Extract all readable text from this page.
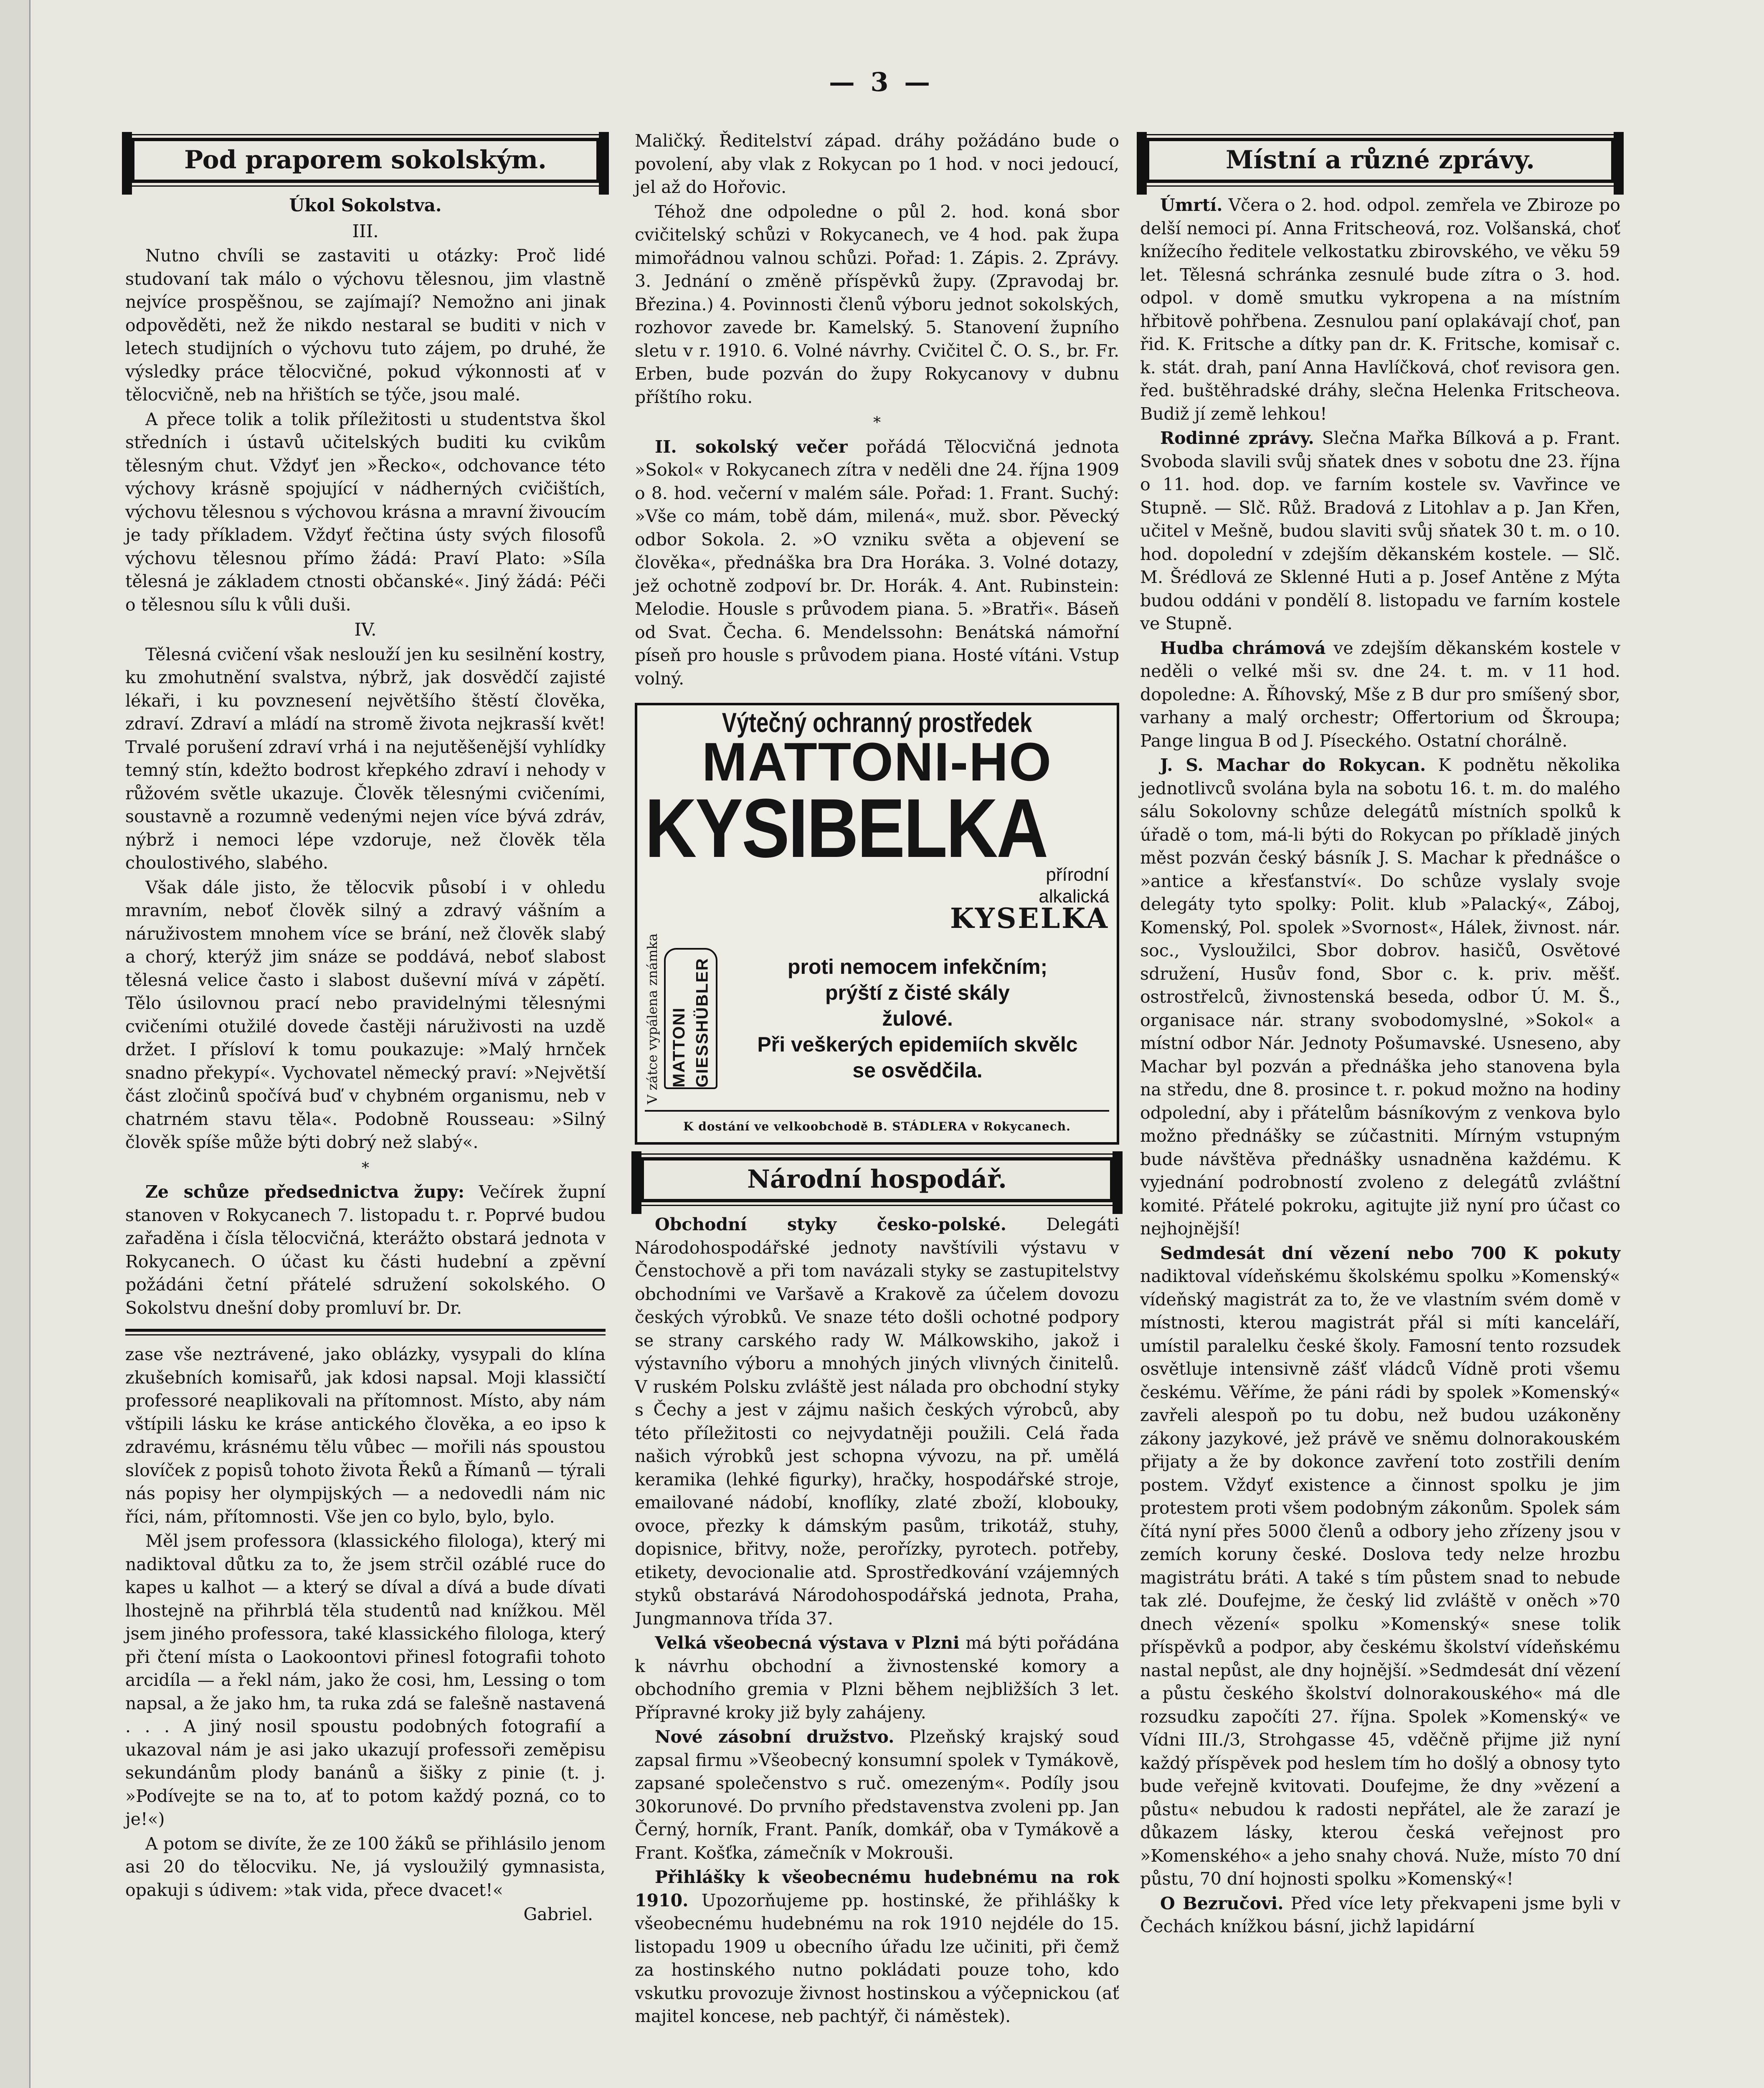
— 3 —
Pod praporem sokolským.
Úkol Sokolstva.
III.

Nutno chvíli se zastaviti u otázky: Proč lidé studovaní tak málo o výchovu tělesnou, jim vlastně nejvíce prospěšnou, se zajímají? Nemožno ani jinak odpověděti, než že nikdo nestaral se buditi v nich v letech studijních o výchovu tuto zájem, po druhé, že výsledky práce tělocvičné, pokud výkonnosti ať v tělocvičně, neb na hřištích se týče, jsou malé.

A přece tolik a tolik příležitosti u studentstva škol středních i ústavů učitelských buditi ku cvikům tělesným chut. Vždyť jen »Řecko«, odchovance této výchovy krásně spojující v nádherných cvičištích, výchovu tělesnou s výchovou krásna a mravní živoucím je tady příkladem. Vždyť řečtina ústy svých filosofů výchovu tělesnou přímo žádá: Praví Plato: »Síla tělesná je základem ctnosti občanské«. Jiný žádá: Péči o tělesnou sílu k vůli duši.

IV.

Tělesná cvičení však neslouží jen ku sesilnění kostry, ku zmohutnění svalstva, nýbrž, jak dosvědčí zajisté lékaři, i ku povznesení největšího štěstí člověka, zdraví. Zdraví a mládí na stromě života nejkrasší květ! Trvalé porušení zdraví vrhá i na nejutěšenější vyhlídky temný stín, kdežto bodrost křepkého zdraví i nehody v růžovém světle ukazuje. Člověk tělesnými cvičeními, soustavně a rozumně vedenými nejen více bývá zdráv, nýbrž i nemoci lépe vzdoruje, než člověk těla choulostivého, slabého.

Však dále jisto, že tělocvik působí i v ohledu mravním, neboť člověk silný a zdravý vášním a náruživostem mnohem více se brání, než člověk slabý a chorý, kterýž jim snáze se poddává, neboť slabost tělesná velice často i slabost duševní mívá v zápětí. Tělo úsilovnou prací nebo pravidelnými tělesnými cvičeními otužilé dovede častěji náruživosti na uzdě držet. I přísloví k tomu poukazuje: »Malý hrnček snadno překypí«. Vychovatel německý praví: »Největší část zločinů spočívá buď v chybném organismu, neb v chatrném stavu těla«. Podobně Rousseau: »Silný člověk spíše může býti dobrý než slabý«.

*

Ze schůze předsednictva župy: Večírek župní stanoven v Rokycanech 7. listopadu t. r. Poprvé budou zařaděna i čísla tělocvičná, kterážto obstará jednota v Rokycanech. O účast ku části hudební a zpěvní požádáni četní přátelé sdružení sokolského. O Sokolstvu dnešní doby promluví br. Dr.

zase vše neztrávené, jako oblázky, vysypali do klína zkušebních komisařů, jak kdosi napsal. Moji klassičtí professoré neaplikovali na přítomnost. Místo, aby nám vštípili lásku ke kráse antického člověka, a eo ipso k zdravému, krásnému tělu vůbec — mořili nás spoustou slovíček z popisů tohoto života Řeků a Římanů — týrali nás popisy her olympijských — a nedovedli nám nic říci, nám, přítomnosti. Vše jen co bylo, bylo, bylo.

Měl jsem professora (klassického filologa), který mi nadiktoval důtku za to, že jsem strčil ozáblé ruce do kapes u kalhot — a který se díval a dívá a bude dívati lhostejně na přihrblá těla studentů nad knížkou. Měl jsem jiného professora, také klassického filologa, který při čtení místa o Laokoontovi přinesl fotografii tohoto arcidíla — a řekl nám, jako že cosi, hm, Lessing o tom napsal, a že jako hm, ta ruka zdá se falešně nastavená . . . A jiný nosil spoustu podobných fotografií a ukazoval nám je asi jako ukazují professoři zeměpisu sekundánům plody banánů a šišky z pinie (t. j. »Podívejte se na to, ať to potom každý pozná, co to je!«)

A potom se divíte, že ze 100 žáků se přihlásilo jenom asi 20 do tělocviku. Ne, já vysloužilý gymnasista, opakuji s údivem: »tak vida, přece dvacet!«

Gabriel.

Maličký. Ředitelství západ. dráhy požádáno bude o povolení, aby vlak z Rokycan po 1 hod. v noci jedoucí, jel až do Hořovic.

Téhož dne odpoledne o půl 2. hod. koná sbor cvičitelský schůzi v Rokycanech, ve 4 hod. pak župa mimořádnou valnou schůzi. Pořad: 1. Zápis. 2. Zprávy. 3. Jednání o změně příspěvků župy. (Zpravodaj br. Březina.) 4. Povinnosti členů výboru jednot sokolských, rozhovor zavede br. Kamelský. 5. Stanovení župního sletu v r. 1910. 6. Volné návrhy. Cvičitel Č. O. S., br. Fr. Erben, bude pozván do župy Rokycanovy v dubnu příštího roku.

*

II. sokolský večer pořádá Tělocvičná jednota »Sokol« v Rokycanech zítra v neděli dne 24. října 1909 o 8. hod. večerní v malém sále. Pořad: 1. Frant. Suchý: »Vše co mám, tobě dám, milená«, muž. sbor. Pěvecký odbor Sokola. 2. »O vzniku světa a objevení se člověka«, přednáška bra Dra Horáka. 3. Volné dotazy, jež ochotně zodpoví br. Dr. Horák. 4. Ant. Rubinstein: Melodie. Housle s průvodem piana. 5. »Bratři«. Báseň od Svat. Čecha. 6. Mendelssohn: Benátská námořní píseň pro housle s průvodem piana. Hosté vítáni. Vstup volný.

Výtečný ochranný prostředek
MATTONI-HO
KYSIBELKA
přírodní
alkalická
KYSELKA
V zátce vypálena známka MATTONI GIESSHÜBLER	proti nemocem infekčním;
prýští z čisté skály
žulové.
Při veškerých epidemiích skvělc
se osvědčila.
K dostání ve velkoobchodě B. STÁDLERA v Rokycanech.
Národní hospodář.

Obchodní styky česko-polské. Delegáti Národohospodářské jednoty navštívili výstavu v Čenstochově a při tom navázali styky se zastupitelstvy obchodními ve Varšavě a Krakově za účelem dovozu českých výrobků. Ve snaze této došli ochotné podpory se strany carského rady W. Málkowskiho, jakož i výstavního výboru a mnohých jiných vlivných činitelů. V ruském Polsku zvláště jest nálada pro obchodní styky s Čechy a jest v zájmu našich českých výrobců, aby této příležitosti co nejvydatněji použili. Celá řada našich výrobků jest schopna vývozu, na př. umělá keramika (lehké figurky), hračky, hospodářské stroje, emailované nádobí, knoflíky, zlaté zboží, klobouky, ovoce, přezky k dámským pasům, trikotáž, stuhy, dopisnice, břitvy, nože, perořízky, pyrotech. potřeby, etikety, devocionalie atd. Sprostředkování vzájemných styků obstarává Národohospodářská jednota, Praha, Jungmannova třída 37.

Velká všeobecná výstava v Plzni má býti pořádána k návrhu obchodní a živnostenské komory a obchodního gremia v Plzni během nejbližších 3 let. Přípravné kroky již byly zahájeny.

Nové zásobní družstvo. Plzeňský krajský soud zapsal firmu »Všeobecný konsumní spolek v Tymákově, zapsané společenstvo s ruč. omezeným«. Podíly jsou 30korunové. Do prvního představenstva zvoleni pp. Jan Černý, horník, Frant. Paník, domkář, oba v Tymákově a Frant. Košťka, zámečník v Mokrouši.

Přihlášky k všeobecnému hudebnému na rok 1910. Upozorňujeme pp. hostinské, že přihlášky k všeobecnému hudebnému na rok 1910 nejdéle do 15. listopadu 1909 u obecního úřadu lze učiniti, při čemž za hostinského nutno pokládati pouze toho, kdo vskutku provozuje živnost hostinskou a výčepnickou (ať majitel koncese, neb pachtýř, či náměstek).

Místní a různé zprávy.

Úmrtí. Včera o 2. hod. odpol. zemřela ve Zbiroze po delší nemoci pí. Anna Fritscheová, roz. Volšanská, choť knížecího ředitele velkostatku zbirovského, ve věku 59 let. Tělesná schránka zesnulé bude zítra o 3. hod. odpol. v domě smutku vykropena a na místním hřbitově pohřbena. Zesnulou paní oplakávají choť, pan řid. K. Fritsche a dítky pan dr. K. Fritsche, komisař c. k. stát. drah, paní Anna Havlíčková, choť revisora gen. řed. buštěhradské dráhy, slečna Helenka Fritscheova. Budiž jí země lehkou!

Rodinné zprávy. Slečna Mařka Bílková a p. Frant. Svoboda slavili svůj sňatek dnes v sobotu dne 23. října o 11. hod. dop. ve farním kostele sv. Vavřince ve Stupně. — Slč. Růž. Bradová z Litohlav a p. Jan Křen, učitel v Mešně, budou slaviti svůj sňatek 30 t. m. o 10. hod. dopolední v zdejším děkanském kostele. — Slč. M. Šrédlová ze Sklenné Huti a p. Josef Antěne z Mýta budou oddáni v pondělí 8. listopadu ve farním kostele ve Stupně.

Hudba chrámová ve zdejším děkanském kostele v neděli o velké mši sv. dne 24. t. m. v 11 hod. dopoledne: A. Říhovský, Mše z B dur pro smíšený sbor, varhany a malý orchestr; Offertorium od Škroupa; Pange lingua B od J. Píseckého. Ostatní chorálně.

J. S. Machar do Rokycan. K podnětu několika jednotlivců svolána byla na sobotu 16. t. m. do malého sálu Sokolovny schůze delegátů místních spolků k úřadě o tom, má-li býti do Rokycan po příkladě jiných měst pozván český básník J. S. Machar k přednášce o »antice a křesťanství«. Do schůze vyslaly svoje delegáty tyto spolky: Polit. klub »Palacký«, Záboj, Komenský, Pol. spolek »Svornost«, Hálek, živnost. nár. soc., Vysloužilci, Sbor dobrov. hasičů, Osvětové sdružení, Husův fond, Sbor c. k. priv. měšť. ostrostřelců, živnostenská beseda, odbor Ú. M. Š., organisace nár. strany svobodomyslné, »Sokol« a místní odbor Nár. Jednoty Pošumavské. Usneseno, aby Machar byl pozván a přednáška jeho stanovena byla na středu, dne 8. prosince t. r. pokud možno na hodiny odpolední, aby i přátelům básníkovým z venkova bylo možno přednášky se zúčastniti. Mírným vstupným bude návštěva přednášky usnadněna každému. K vyjednání podrobností zvoleno z delegátů zvláštní komité. Přátelé pokroku, agitujte již nyní pro účast co nejhojnější!

Sedmdesát dní vězení nebo 700 K pokuty nadiktoval vídeňskému školskému spolku »Komenský« vídeňský magistrát za to, že ve vlastním svém domě v místnosti, kterou magistrát přál si míti kanceláří, umístil paralelku české školy. Famosní tento rozsudek osvětluje intensivně zášť vládců Vídně proti všemu českému. Věříme, že páni rádi by spolek »Komenský« zavřeli alespoň po tu dobu, než budou uzákoněny zákony jazykové, jež právě ve sněmu dolnorakouském přijaty a že by dokonce zavření toto zostřili dením postem. Vždyť existence a činnost spolku je jim protestem proti všem podobným zákonům. Spolek sám čítá nyní přes 5000 členů a odbory jeho zřízeny jsou v zemích koruny české. Doslova tedy nelze hrozbu magistrátu bráti. A také s tím půstem snad to nebude tak zlé. Doufejme, že český lid zvláště v oněch »70 dnech vězení« spolku »Komenský« snese tolik příspěvků a podpor, aby českému školství vídeňskému nastal nepůst, ale dny hojnější. »Sedmdesát dní vězení a půstu českého školství dolnorakouského« má dle rozsudku započíti 27. října. Spolek »Komenský« ve Vídni III./3, Strohgasse 45, vděčně přijme již nyní každý příspěvek pod heslem tím ho došlý a obnosy tyto bude veřejně kvitovati. Doufejme, že dny »vězení a půstu« nebudou k radosti nepřátel, ale že zarazí je důkazem lásky, kterou česká veřejnost pro »Komenského« a jeho snahy chová. Nuže, místo 70 dní půstu, 70 dní hojnosti spolku »Komenský«!

O Bezručovi. Před více lety překvapeni jsme byli v Čechách knížkou básní, jichž lapidární
